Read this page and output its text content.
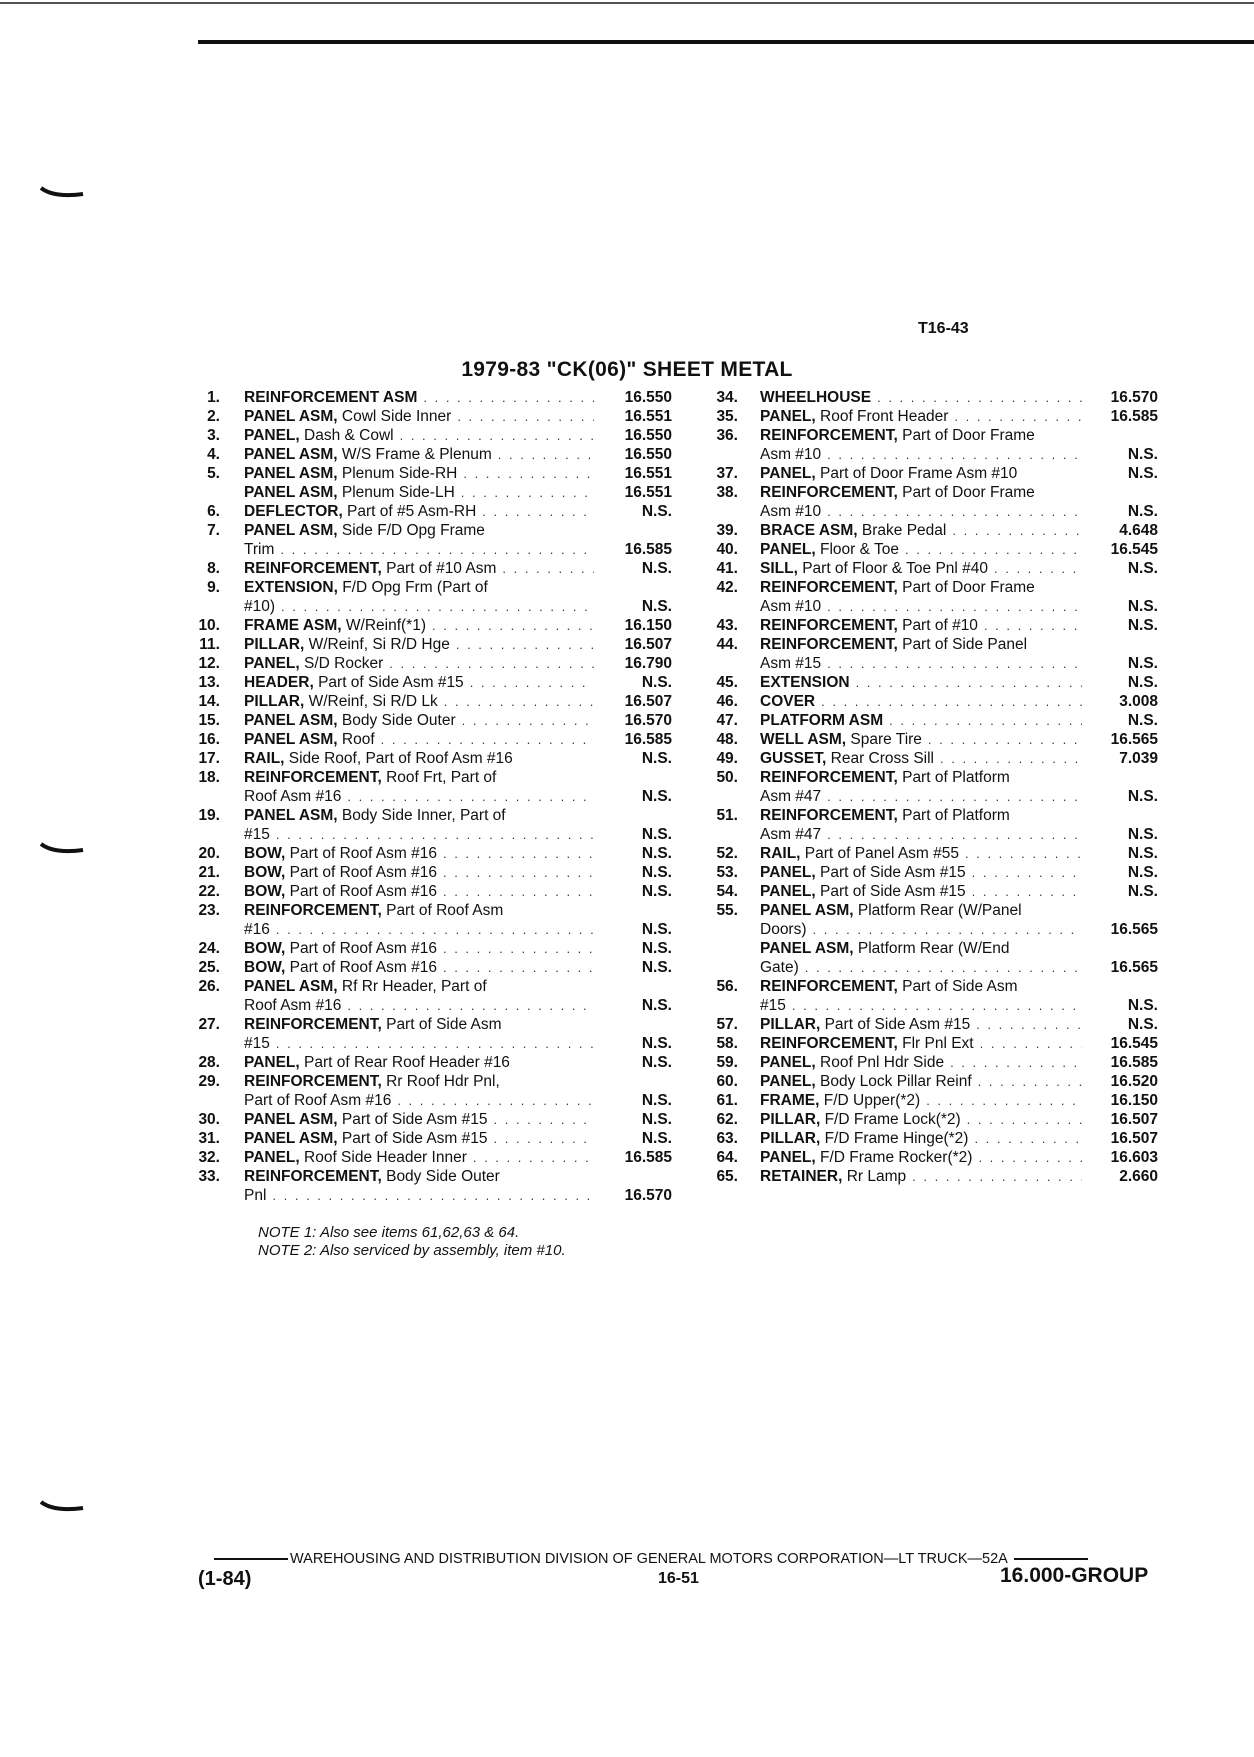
T16-43
1979-83 "CK(06)" SHEET METAL
1. REINFORCEMENT ASM . . .	16.550
2. PANEL ASM, Cowl Side Inner . . .	16.551
3. PANEL, Dash & Cowl . . .	16.550
4. PANEL ASM, W/S Frame & Plenum . . .	16.550
5. PANEL ASM, Plenum Side-RH . . .	16.551
PANEL ASM, Plenum Side-LH . . .	16.551
6. DEFLECTOR, Part of #5 Asm-RH . . .	N.S.
7. PANEL ASM, Side F/D Opg Frame
Trim . . .	16.585
8. REINFORCEMENT, Part of #10 Asm . . .	N.S.
9. EXTENSION, F/D Opg Frm (Part of
#10) . . .	N.S.
10. FRAME ASM, W/Reinf(*1) . . .	16.150
11. PILLAR, W/Reinf, Si R/D Hge . . .	16.507
12. PANEL, S/D Rocker . . .	16.790
13. HEADER, Part of Side Asm #15 . . .	N.S.
14. PILLAR, W/Reinf, Si R/D Lk . . .	16.507
15. PANEL ASM, Body Side Outer . . .	16.570
16. PANEL ASM, Roof . . .	16.585
17. RAIL, Side Roof, Part of Roof Asm #16	N.S.
18. REINFORCEMENT, Roof Frt, Part of
Roof Asm #16 . . .	N.S.
19. PANEL ASM, Body Side Inner, Part of
#15 . . .	N.S.
20. BOW, Part of Roof Asm #16 . . .	N.S.
21. BOW, Part of Roof Asm #16 . . .	N.S.
22. BOW, Part of Roof Asm #16 . . .	N.S.
23. REINFORCEMENT, Part of Roof Asm
#16 . . .	N.S.
24. BOW, Part of Roof Asm #16 . . .	N.S.
25. BOW, Part of Roof Asm #16 . . .	N.S.
26. PANEL ASM, Rf Rr Header, Part of
Roof Asm #16 . . .	N.S.
27. REINFORCEMENT, Part of Side Asm
#15 . . .	N.S.
28. PANEL, Part of Rear Roof Header #16	N.S.
29. REINFORCEMENT, Rr Roof Hdr Pnl,
Part of Roof Asm #16 . . .	N.S.
30. PANEL ASM, Part of Side Asm #15 . . .	N.S.
31. PANEL ASM, Part of Side Asm #15 . . .	N.S.
32. PANEL, Roof Side Header Inner . . .	16.585
33. REINFORCEMENT, Body Side Outer
Pnl . . .	16.570
34. WHEELHOUSE . . .	16.570
35. PANEL, Roof Front Header . . .	16.585
36. REINFORCEMENT, Part of Door Frame
Asm #10 . . .	N.S.
37. PANEL, Part of Door Frame Asm #10	N.S.
38. REINFORCEMENT, Part of Door Frame
Asm #10 . . .	N.S.
39. BRACE ASM, Brake Pedal . . .	4.648
40. PANEL, Floor & Toe . . .	16.545
41. SILL, Part of Floor & Toe Pnl #40 . . .	N.S.
42. REINFORCEMENT, Part of Door Frame
Asm #10 . . .	N.S.
43. REINFORCEMENT, Part of #10 . . .	N.S.
44. REINFORCEMENT, Part of Side Panel
Asm #15 . . .	N.S.
45. EXTENSION . . .	N.S.
46. COVER . . .	3.008
47. PLATFORM ASM . . .	N.S.
48. WELL ASM, Spare Tire . . .	16.565
49. GUSSET, Rear Cross Sill . . .	7.039
50. REINFORCEMENT, Part of Platform
Asm #47 . . .	N.S.
51. REINFORCEMENT, Part of Platform
Asm #47 . . .	N.S.
52. RAIL, Part of Panel Asm #55 . . .	N.S.
53. PANEL, Part of Side Asm #15 . . .	N.S.
54. PANEL, Part of Side Asm #15 . . .	N.S.
55. PANEL ASM, Platform Rear (W/Panel
Doors) . . .	16.565
PANEL ASM, Platform Rear (W/End
Gate) . . .	16.565
56. REINFORCEMENT, Part of Side Asm
#15 . . .	N.S.
57. PILLAR, Part of Side Asm #15 . . .	N.S.
58. REINFORCEMENT, Flr Pnl Ext . . .	16.545
59. PANEL, Roof Pnl Hdr Side . . .	16.585
60. PANEL, Body Lock Pillar Reinf . . .	16.520
61. FRAME, F/D Upper(*2) . . .	16.150
62. PILLAR, F/D Frame Lock(*2) . . .	16.507
63. PILLAR, F/D Frame Hinge(*2) . . .	16.507
64. PANEL, F/D Frame Rocker(*2) . . .	16.603
65. RETAINER, Rr Lamp . . .	2.660
NOTE 1: Also see items 61,62,63 & 64.
NOTE 2: Also serviced by assembly, item #10.
WAREHOUSING AND DISTRIBUTION DIVISION OF GENERAL MOTORS CORPORATION—LT TRUCK—52A
(1-84)	16-51	16.000-GROUP
